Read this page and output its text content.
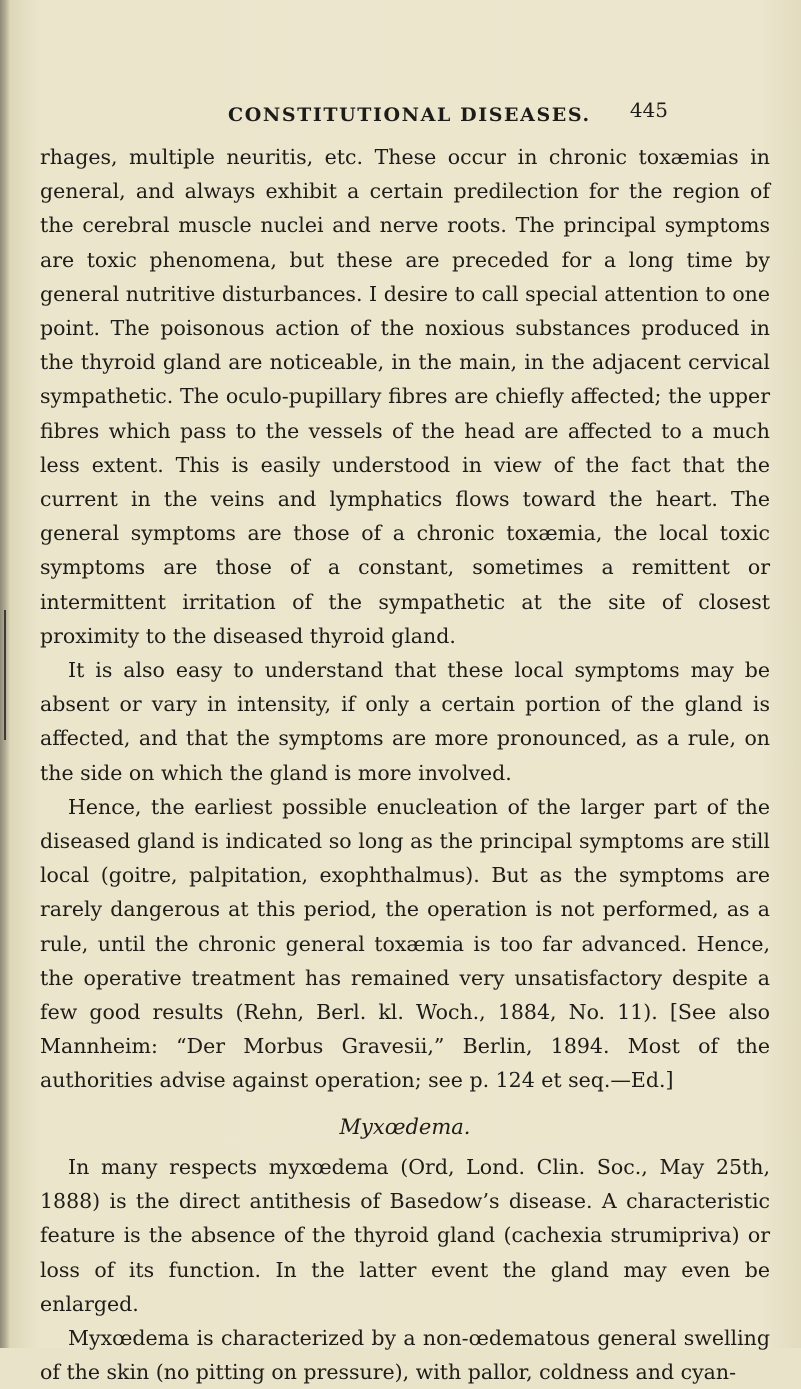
CONSTITUTIONAL DISEASES. 445

rhages, multiple neuritis, etc. These occur in chronic toxæmias in general, and always exhibit a certain predilection for the region of the cerebral muscle nuclei and nerve roots. The principal symptoms are toxic phenomena, but these are preceded for a long time by general nutritive disturbances. I desire to call special attention to one point. The poisonous action of the noxious substances produced in the thyroid gland are noticeable, in the main, in the adjacent cervical sympathetic. The oculo-pupillary fibres are chiefly affected; the upper fibres which pass to the vessels of the head are affected to a much less extent. This is easily understood in view of the fact that the current in the veins and lymphatics flows toward the heart. The general symptoms are those of a chronic toxæmia, the local toxic symptoms are those of a constant, sometimes a remittent or intermittent irritation of the sympathetic at the site of closest proximity to the diseased thyroid gland.

It is also easy to understand that these local symptoms may be absent or vary in intensity, if only a certain portion of the gland is affected, and that the symptoms are more pronounced, as a rule, on the side on which the gland is more involved.

Hence, the earliest possible enucleation of the larger part of the diseased gland is indicated so long as the principal symptoms are still local (goitre, palpitation, exophthalmus). But as the symptoms are rarely dangerous at this period, the operation is not performed, as a rule, until the chronic general toxæmia is too far advanced. Hence, the operative treatment has remained very unsatisfactory despite a few good results (Rehn, Berl. kl. Woch., 1884, No. 11). [See also Mannheim: “Der Morbus Gravesii,” Berlin, 1894. Most of the authorities advise against operation; see p. 124 et seq.—Ed.]

Myxœdema.

In many respects myxœdema (Ord, Lond. Clin. Soc., May 25th, 1888) is the direct antithesis of Basedow’s disease. A characteristic feature is the absence of the thyroid gland (cachexia strumipriva) or loss of its function. In the latter event the gland may even be enlarged.

Myxœdema is characterized by a non-œdematous general swelling of the skin (no pitting on pressure), with pallor, coldness and cyan-
